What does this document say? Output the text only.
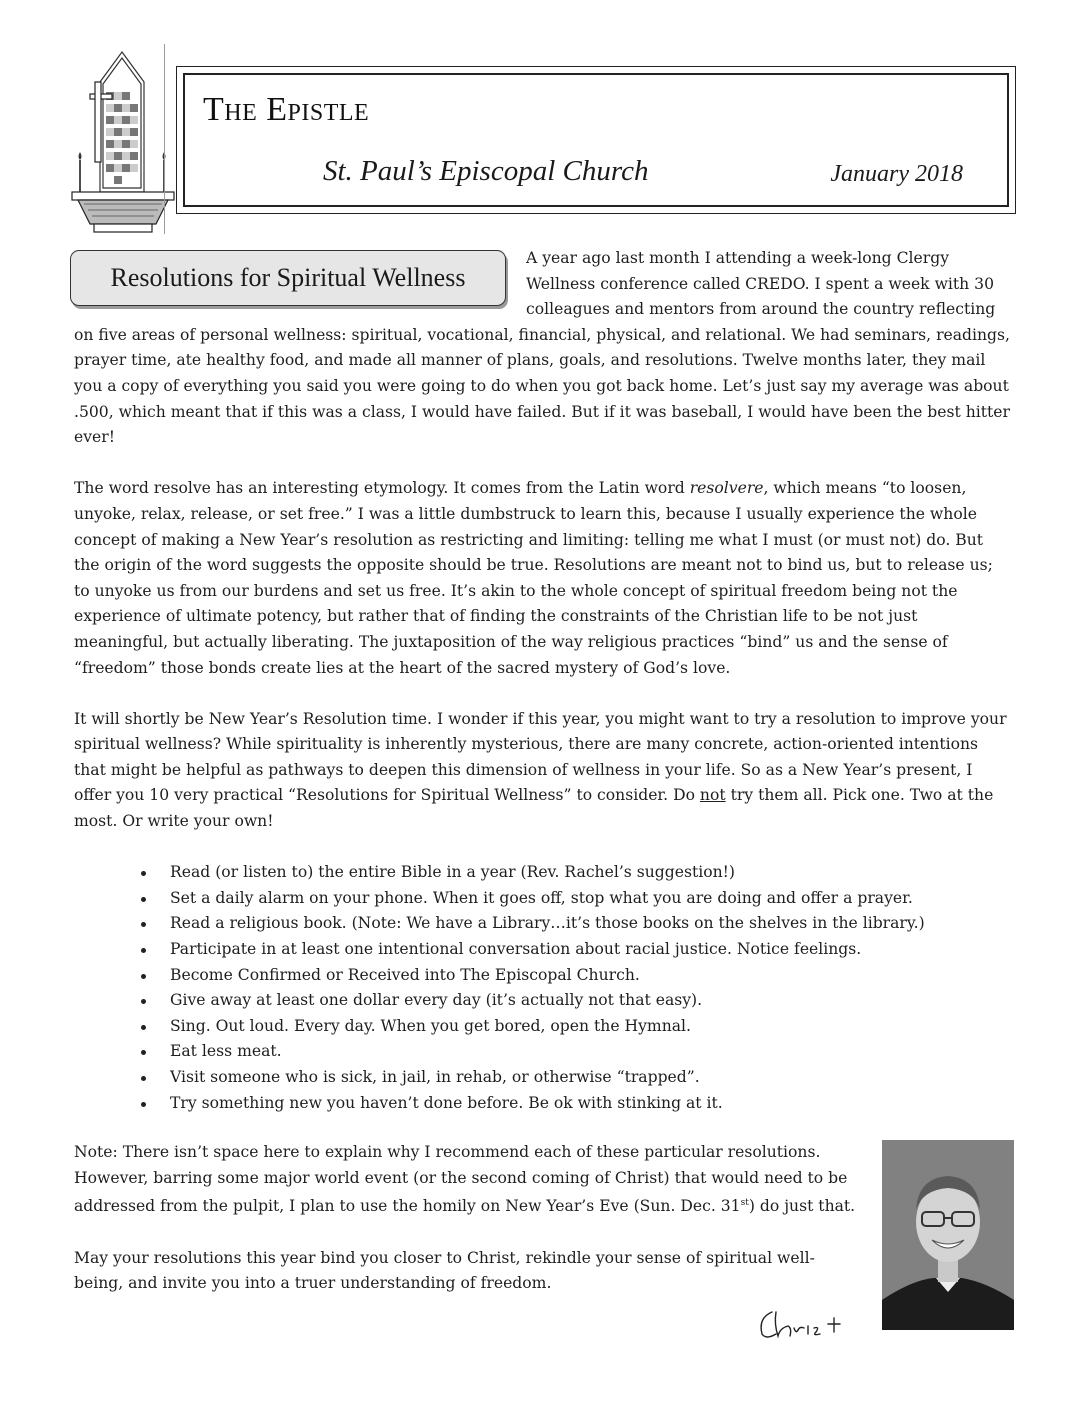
The Epistle
St. Paul’s Episcopal Church	January 2018
Resolutions for Spiritual Wellness

A year ago last month I attending a week-long Clergy Wellness conference called CREDO. I spent a week with 30 colleagues and mentors from around the country reflecting on five areas of personal wellness: spiritual, vocational, financial, physical, and relational. We had seminars, readings, prayer time, ate healthy food, and made all manner of plans, goals, and resolutions. Twelve months later, they mail you a copy of everything you said you were going to do when you got back home. Let’s just say my average was about .500, which meant that if this was a class, I would have failed. But if it was baseball, I would have been the best hitter ever!

The word resolve has an interesting etymology. It comes from the Latin word resolvere, which means “to loosen, unyoke, relax, release, or set free.” I was a little dumbstruck to learn this, because I usually experience the whole concept of making a New Year’s resolution as restricting and limiting: telling me what I must (or must not) do. But the origin of the word suggests the opposite should be true. Resolutions are meant not to bind us, but to release us; to unyoke us from our burdens and set us free. It’s akin to the whole concept of spiritual freedom being not the experience of ultimate potency, but rather that of finding the constraints of the Christian life to be not just meaningful, but actually liberating. The juxtaposition of the way religious practices “bind” us and the sense of “freedom” those bonds create lies at the heart of the sacred mystery of God’s love.

It will shortly be New Year’s Resolution time. I wonder if this year, you might want to try a resolution to improve your spiritual wellness? While spirituality is inherently mysterious, there are many concrete, action-oriented intentions that might be helpful as pathways to deepen this dimension of wellness in your life. So as a New Year’s present, I offer you 10 very practical “Resolutions for Spiritual Wellness” to consider. Do not try them all. Pick one. Two at the most. Or write your own!

Read (or listen to) the entire Bible in a year (Rev. Rachel’s suggestion!)
Set a daily alarm on your phone. When it goes off, stop what you are doing and offer a prayer.
Read a religious book. (Note: We have a Library…it’s those books on the shelves in the library.)
Participate in at least one intentional conversation about racial justice. Notice feelings.
Become Confirmed or Received into The Episcopal Church.
Give away at least one dollar every day (it’s actually not that easy).
Sing. Out loud. Every day. When you get bored, open the Hymnal.
Eat less meat.
Visit someone who is sick, in jail, in rehab, or otherwise “trapped”.
Try something new you haven’t done before. Be ok with stinking at it.

Note: There isn’t space here to explain why I recommend each of these particular resolutions. However, barring some major world event (or the second coming of Christ) that would need to be addressed from the pulpit, I plan to use the homily on New Year’s Eve (Sun. Dec. 31st) do just that.

May your resolutions this year bind you closer to Christ, rekindle your sense of spiritual well-being, and invite you into a truer understanding of freedom.
